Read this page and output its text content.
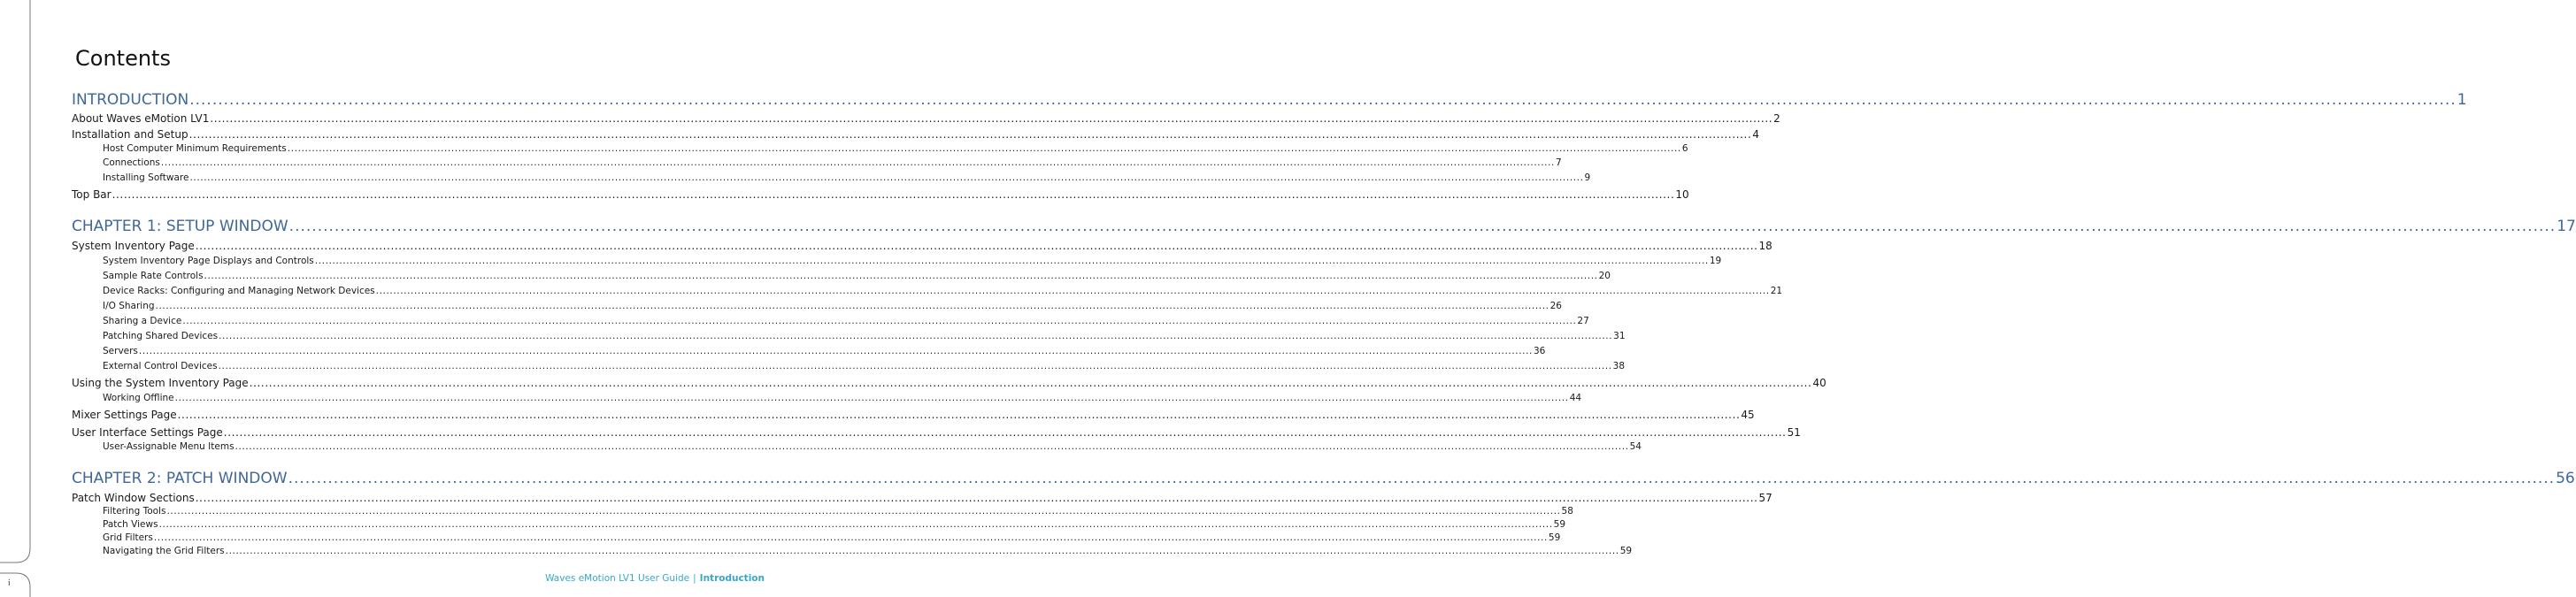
Contents
INTRODUCTION ................................................................................................................................................................................................................................................................................................................................................................................................................ 1
About Waves eMotion LV1 ................................................................................................................................................................................................................................................................................................................................................................................................................ 2
Installation and Setup ................................................................................................................................................................................................................................................................................................................................................................................................................ 4
Host Computer Minimum Requirements ................................................................................................................................................................................................................................................................................................................................................................................................................ 6
Connections ................................................................................................................................................................................................................................................................................................................................................................................................................ 7
Installing Software ................................................................................................................................................................................................................................................................................................................................................................................................................ 9
Top Bar ................................................................................................................................................................................................................................................................................................................................................................................................................ 10
CHAPTER 1: SETUP WINDOW ................................................................................................................................................................................................................................................................................................................................................................................................................ 17
System Inventory Page ................................................................................................................................................................................................................................................................................................................................................................................................................ 18
System Inventory Page Displays and Controls ................................................................................................................................................................................................................................................................................................................................................................................................................ 19
Sample Rate Controls ................................................................................................................................................................................................................................................................................................................................................................................................................ 20
Device Racks: Configuring and Managing Network Devices ................................................................................................................................................................................................................................................................................................................................................................................................................ 21
I/O Sharing ................................................................................................................................................................................................................................................................................................................................................................................................................ 26
Sharing a Device ................................................................................................................................................................................................................................................................................................................................................................................................................ 27
Patching Shared Devices ................................................................................................................................................................................................................................................................................................................................................................................................................ 31
Servers ................................................................................................................................................................................................................................................................................................................................................................................................................ 36
External Control Devices ................................................................................................................................................................................................................................................................................................................................................................................................................ 38
Using the System Inventory Page ................................................................................................................................................................................................................................................................................................................................................................................................................ 40
Working Offline ................................................................................................................................................................................................................................................................................................................................................................................................................ 44
Mixer Settings Page ................................................................................................................................................................................................................................................................................................................................................................................................................ 45
User Interface Settings Page ................................................................................................................................................................................................................................................................................................................................................................................................................ 51
User-Assignable Menu Items ................................................................................................................................................................................................................................................................................................................................................................................................................ 54
CHAPTER 2: PATCH WINDOW ................................................................................................................................................................................................................................................................................................................................................................................................................ 56
Patch Window Sections ................................................................................................................................................................................................................................................................................................................................................................................................................ 57
Filtering Tools ................................................................................................................................................................................................................................................................................................................................................................................................................ 58
Patch Views ................................................................................................................................................................................................................................................................................................................................................................................................................ 59
Grid Filters ................................................................................................................................................................................................................................................................................................................................................................................................................ 59
Navigating the Grid Filters ................................................................................................................................................................................................................................................................................................................................................................................................................ 59
Waves eMotion LV1 User Guide | Introduction
i
